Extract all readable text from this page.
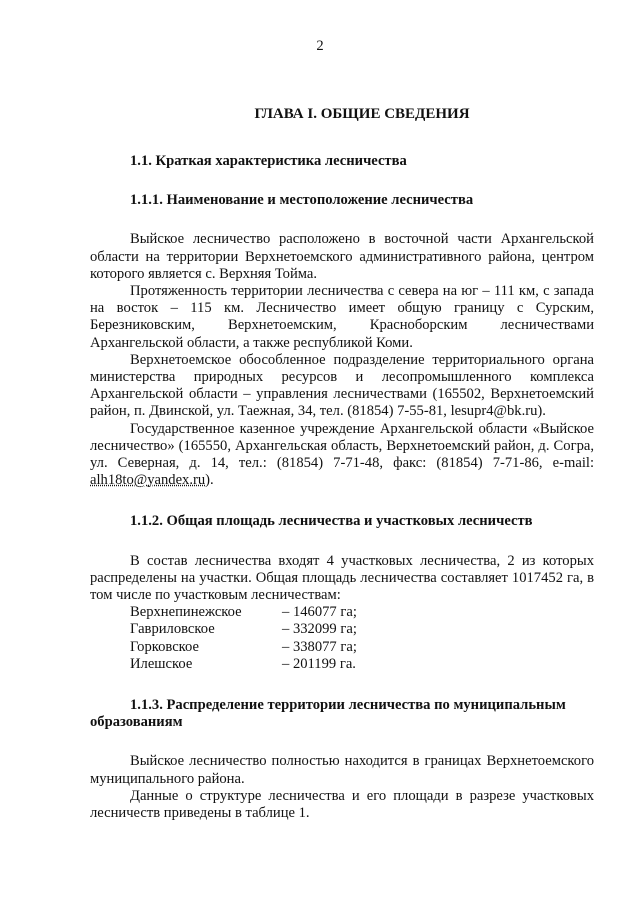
2
ГЛАВА I. ОБЩИЕ СВЕДЕНИЯ
1.1. Краткая характеристика лесничества
1.1.1. Наименование и местоположение лесничества

Выйское лесничество расположено в восточной части Архангельской области на территории Верхнетоемского административного района, центром которого является с. Верхняя Тойма.

Протяженность территории лесничества с севера на юг – 111 км, с запада на восток – 115 км. Лесничество имеет общую границу с Сурским, Березниковским, Верхнетоемским, Красноборским лесничествами Архангельской области, а также республикой Коми.

Верхнетоемское обособленное подразделение территориального органа министерства природных ресурсов и лесопромышленного комплекса Архангельской области – управления лесничествами (165502, Верхнетоемский район, п. Двинской, ул. Таежная, 34, тел. (81854) 7-55-81, lesupr4@bk.ru).

Государственное казенное учреждение Архангельской области «Выйское лесничество» (165550, Архангельская область, Верхнетоемский район, д. Согра, ул. Северная, д. 14, тел.: (81854) 7-71-48, факс: (81854) 7-71-86, e-mail: alh18to@yandex.ru).

1.1.2. Общая площадь лесничества и участковых лесничеств

В состав лесничества входят 4 участковых лесничества, 2 из которых распределены на участки. Общая площадь лесничества составляет 1017452 га, в том числе по участковым лесничествам:

Верхнепинежское	– 146077 га;
Гавриловское	– 332099 га;
Горковское	– 338077 га;
Илешское	– 201199 га.
1.1.3. Распределение территории лесничества по муниципальным образованиям

Выйское лесничество полностью находится в границах Верхнетоемского муниципального района.

Данные о структуре лесничества и его площади в разрезе участковых лесничеств приведены в таблице 1.
